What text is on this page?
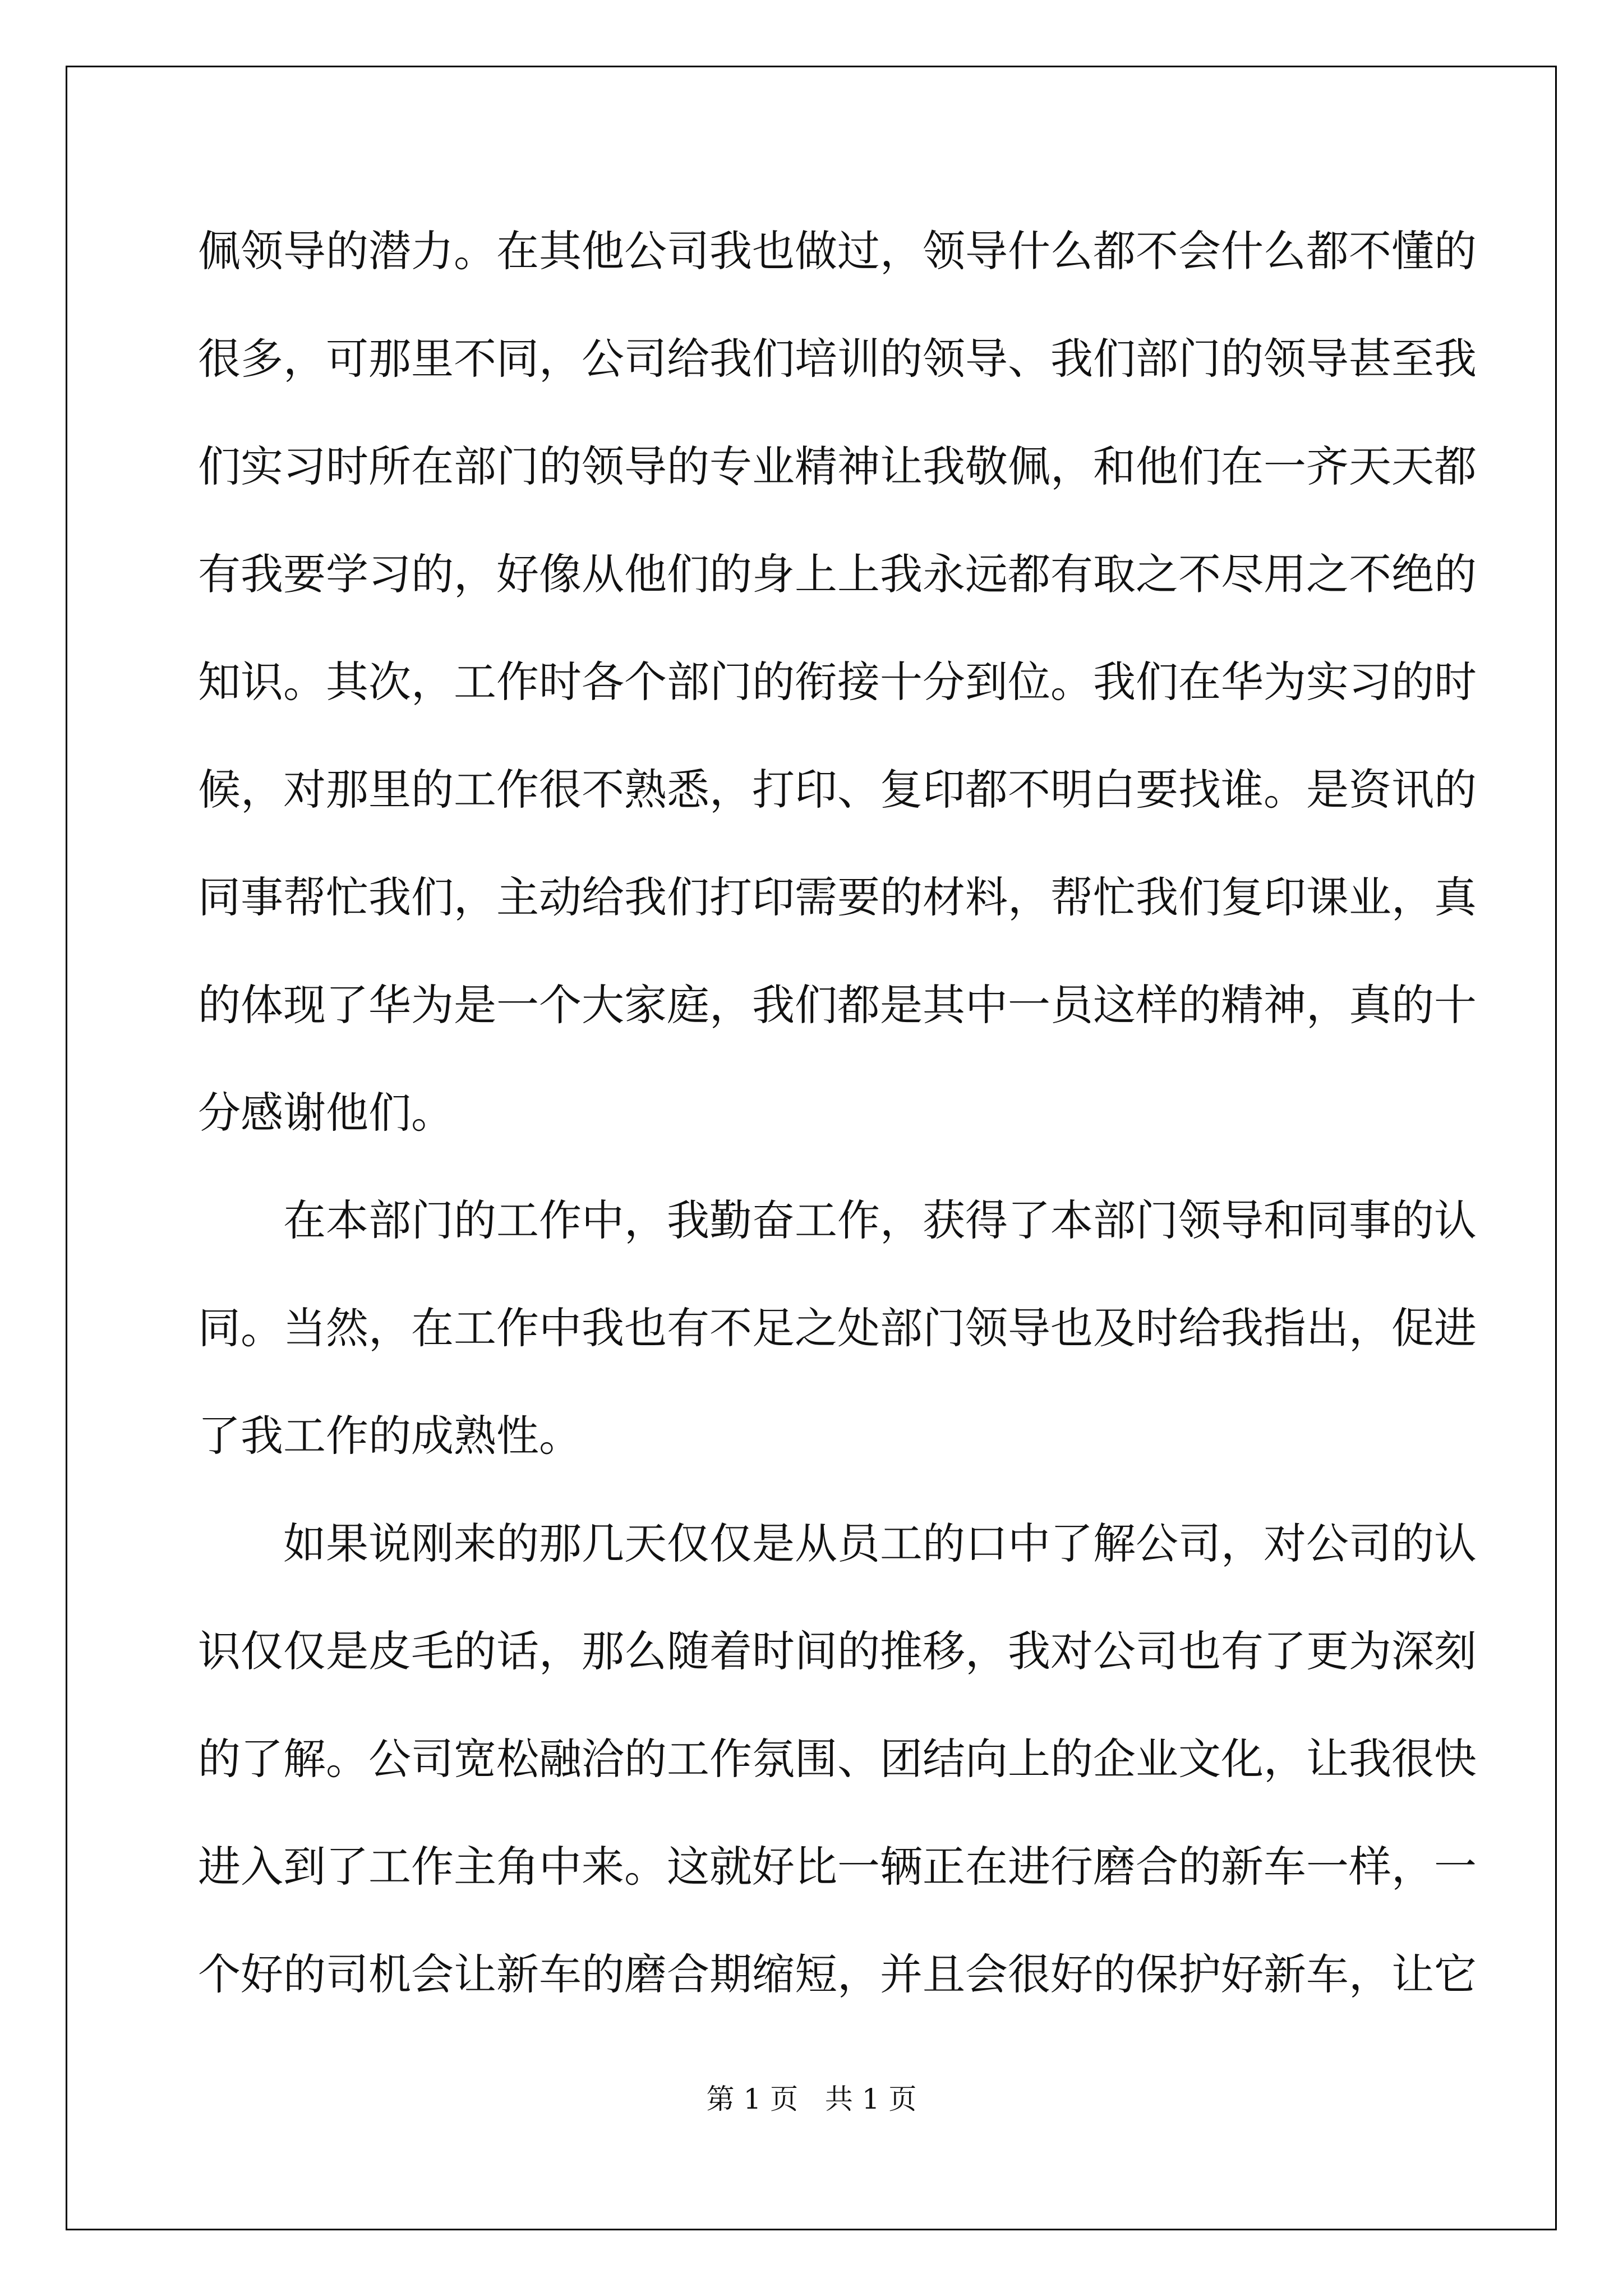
佩领导的潜力。在其他公司我也做过，领导什么都不会什么都不懂的
很多，可那里不同，公司给我们培训的领导、我们部门的领导甚至我
们实习时所在部门的领导的专业精神让我敬佩，和他们在一齐天天都
有我要学习的，好像从他们的身上上我永远都有取之不尽用之不绝的
知识。其次，工作时各个部门的衔接十分到位。我们在华为实习的时
候，对那里的工作很不熟悉，打印、复印都不明白要找谁。是资讯的
同事帮忙我们，主动给我们打印需要的材料，帮忙我们复印课业，真
的体现了华为是一个大家庭，我们都是其中一员这样的精神，真的十
分感谢他们。
在本部门的工作中，我勤奋工作，获得了本部门领导和同事的认
同。当然，在工作中我也有不足之处部门领导也及时给我指出，促进
了我工作的成熟性。
如果说刚来的那几天仅仅是从员工的口中了解公司，对公司的认
识仅仅是皮毛的话，那么随着时间的推移，我对公司也有了更为深刻
的了解。公司宽松融洽的工作氛围、团结向上的企业文化，让我很快
进入到了工作主角中来。这就好比一辆正在进行磨合的新车一样，一
个好的司机会让新车的磨合期缩短，并且会很好的保护好新车，让它
第 1 页   共 1 页
